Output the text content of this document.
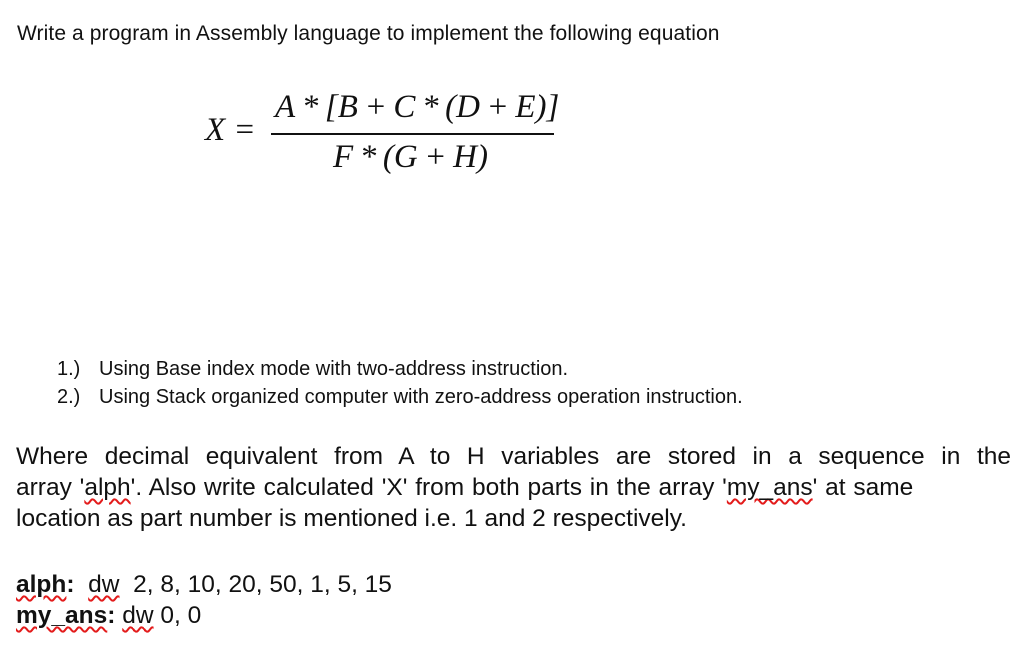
Write a program in Assembly language to implement the following equation
X =
A * [B + C * (D + E)]
F * (G + H)
1.) Using Base index mode with two-address instruction.
2.) Using Stack organized computer with zero-address operation instruction.
Where decimal equivalent from A to H variables are stored in a sequence in the
array 'alph'. Also write calculated 'X' from both parts in the array 'my_ans' at same
location as part number is mentioned i.e. 1 and 2 respectively.
alph: dw 2, 8, 10, 20, 50, 1, 5, 15
my_ans: dw 0, 0
